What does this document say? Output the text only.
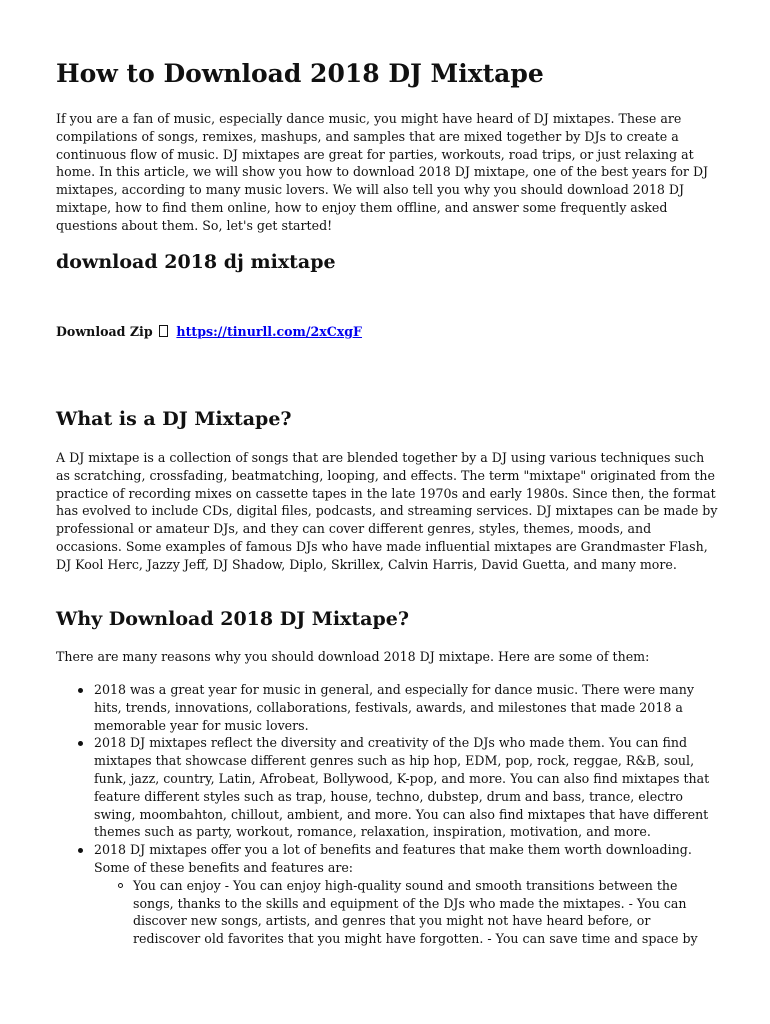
How to Download 2018 DJ Mixtape

If you are a fan of music, especially dance music, you might have heard of DJ mixtapes. These are compilations of songs, remixes, mashups, and samples that are mixed together by DJs to create a continuous flow of music. DJ mixtapes are great for parties, workouts, road trips, or just relaxing at home. In this article, we will show you how to download 2018 DJ mixtape, one of the best years for DJ mixtapes, according to many music lovers. We will also tell you why you should download 2018 DJ mixtape, how to find them online, how to enjoy them offline, and answer some frequently asked questions about them. So, let's get started!

download 2018 dj mixtape
Download Zip https://tinurll.com/2xCxgF
What is a DJ Mixtape?

A DJ mixtape is a collection of songs that are blended together by a DJ using various techniques such as scratching, crossfading, beatmatching, looping, and effects. The term "mixtape" originated from the practice of recording mixes on cassette tapes in the late 1970s and early 1980s. Since then, the format has evolved to include CDs, digital files, podcasts, and streaming services. DJ mixtapes can be made by professional or amateur DJs, and they can cover different genres, styles, themes, moods, and occasions. Some examples of famous DJs who have made influential mixtapes are Grandmaster Flash, DJ Kool Herc, Jazzy Jeff, DJ Shadow, Diplo, Skrillex, Calvin Harris, David Guetta, and many more.

Why Download 2018 DJ Mixtape?

There are many reasons why you should download 2018 DJ mixtape. Here are some of them:

2018 was a great year for music in general, and especially for dance music. There were many hits, trends, innovations, collaborations, festivals, awards, and milestones that made 2018 a memorable year for music lovers.
2018 DJ mixtapes reflect the diversity and creativity of the DJs who made them. You can find mixtapes that showcase different genres such as hip hop, EDM, pop, rock, reggae, R&B, soul, funk, jazz, country, Latin, Afrobeat, Bollywood, K-pop, and more. You can also find mixtapes that feature different styles such as trap, house, techno, dubstep, drum and bass, trance, electro swing, moombahton, chillout, ambient, and more. You can also find mixtapes that have different themes such as party, workout, romance, relaxation, inspiration, motivation, and more.
2018 DJ mixtapes offer you a lot of benefits and features that make them worth downloading. Some of these benefits and features are:
You can enjoy - You can enjoy high-quality sound and smooth transitions between the songs, thanks to the skills and equipment of the DJs who made the mixtapes. - You can discover new songs, artists, and genres that you might not have heard before, or rediscover old favorites that you might have forgotten. - You can save time and space by
